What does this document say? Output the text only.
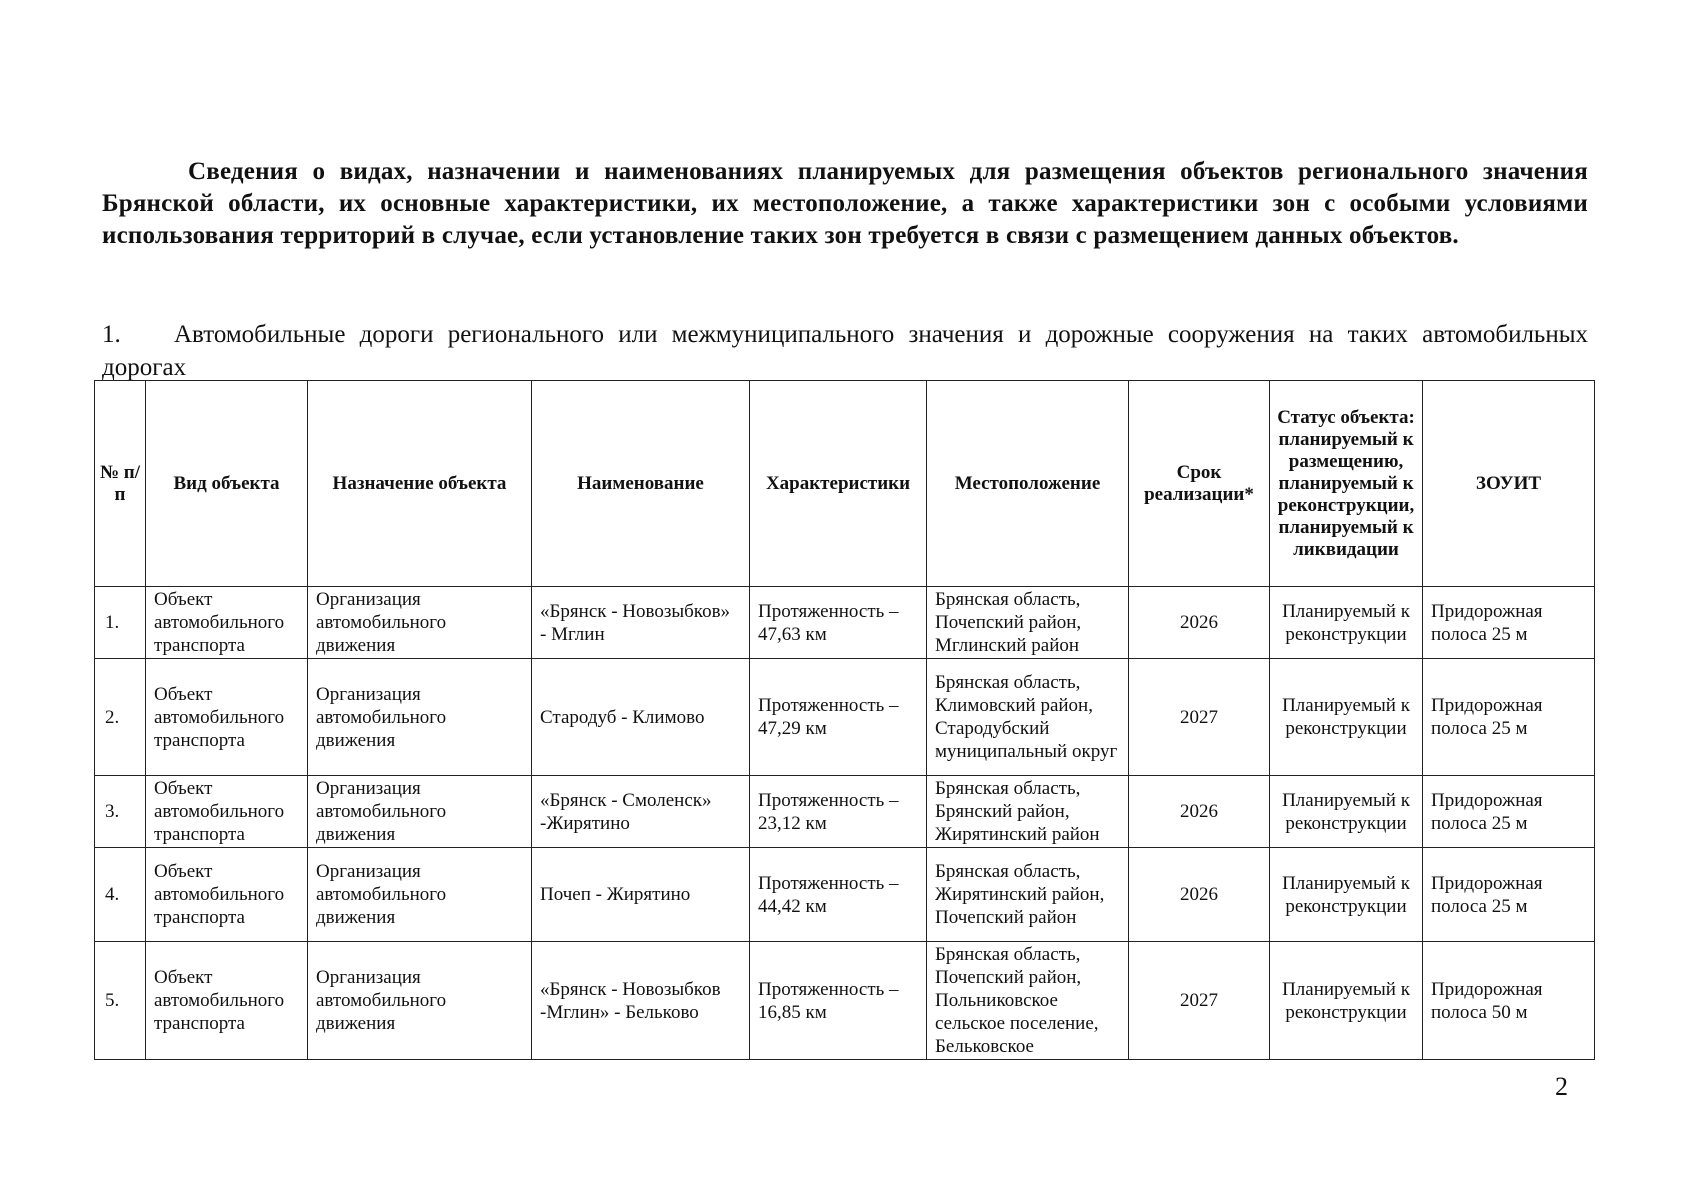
Сведения о видах, назначении и наименованиях планируемых для размещения объектов регионального значения Брянской области, их основные характеристики, их местоположение, а также характеристики зон с особыми условиями использования территорий в случае, если установление таких зон требуется в связи с размещением данных объектов.
1. Автомобильные дороги регионального или межмуниципального значения и дорожные сооружения на таких автомобильных дорогах
№ п/п	Вид объекта	Назначение объекта	Наименование	Характеристики	Местоположение	Срок реализации*	Статус объекта: планируемый к размещению, планируемый к реконструкции, планируемый к ликвидации	ЗОУИТ
1.	Объект автомобильного транспорта	Организация автомобильного движения	«Брянск - Новозыбков» - Мглин	Протяженность – 47,63 км	Брянская область, Почепский район, Мглинский район	2026	Планируемый к реконструкции	Придорожная полоса 25 м
2.	Объект автомобильного транспорта	Организация автомобильного движения	Стародуб - Климово	Протяженность – 47,29 км	Брянская область, Климовский район, Стародубский муниципальный округ	2027	Планируемый к реконструкции	Придорожная полоса 25 м
3.	Объект автомобильного транспорта	Организация автомобильного движения	«Брянск - Смоленск» -Жирятино	Протяженность – 23,12 км	Брянская область, Брянский район, Жирятинский район	2026	Планируемый к реконструкции	Придорожная полоса 25 м
4.	Объект автомобильного транспорта	Организация автомобильного движения	Почеп - Жирятино	Протяженность – 44,42 км	Брянская область, Жирятинский район, Почепский район	2026	Планируемый к реконструкции	Придорожная полоса 25 м
5.	Объект автомобильного транспорта	Организация автомобильного движения	«Брянск - Новозыбков -Мглин» - Бельково	Протяженность – 16,85 км	Брянская область, Почепский район, Польниковское сельское поселение, Бельковское	2027	Планируемый к реконструкции	Придорожная полоса 50 м
2
